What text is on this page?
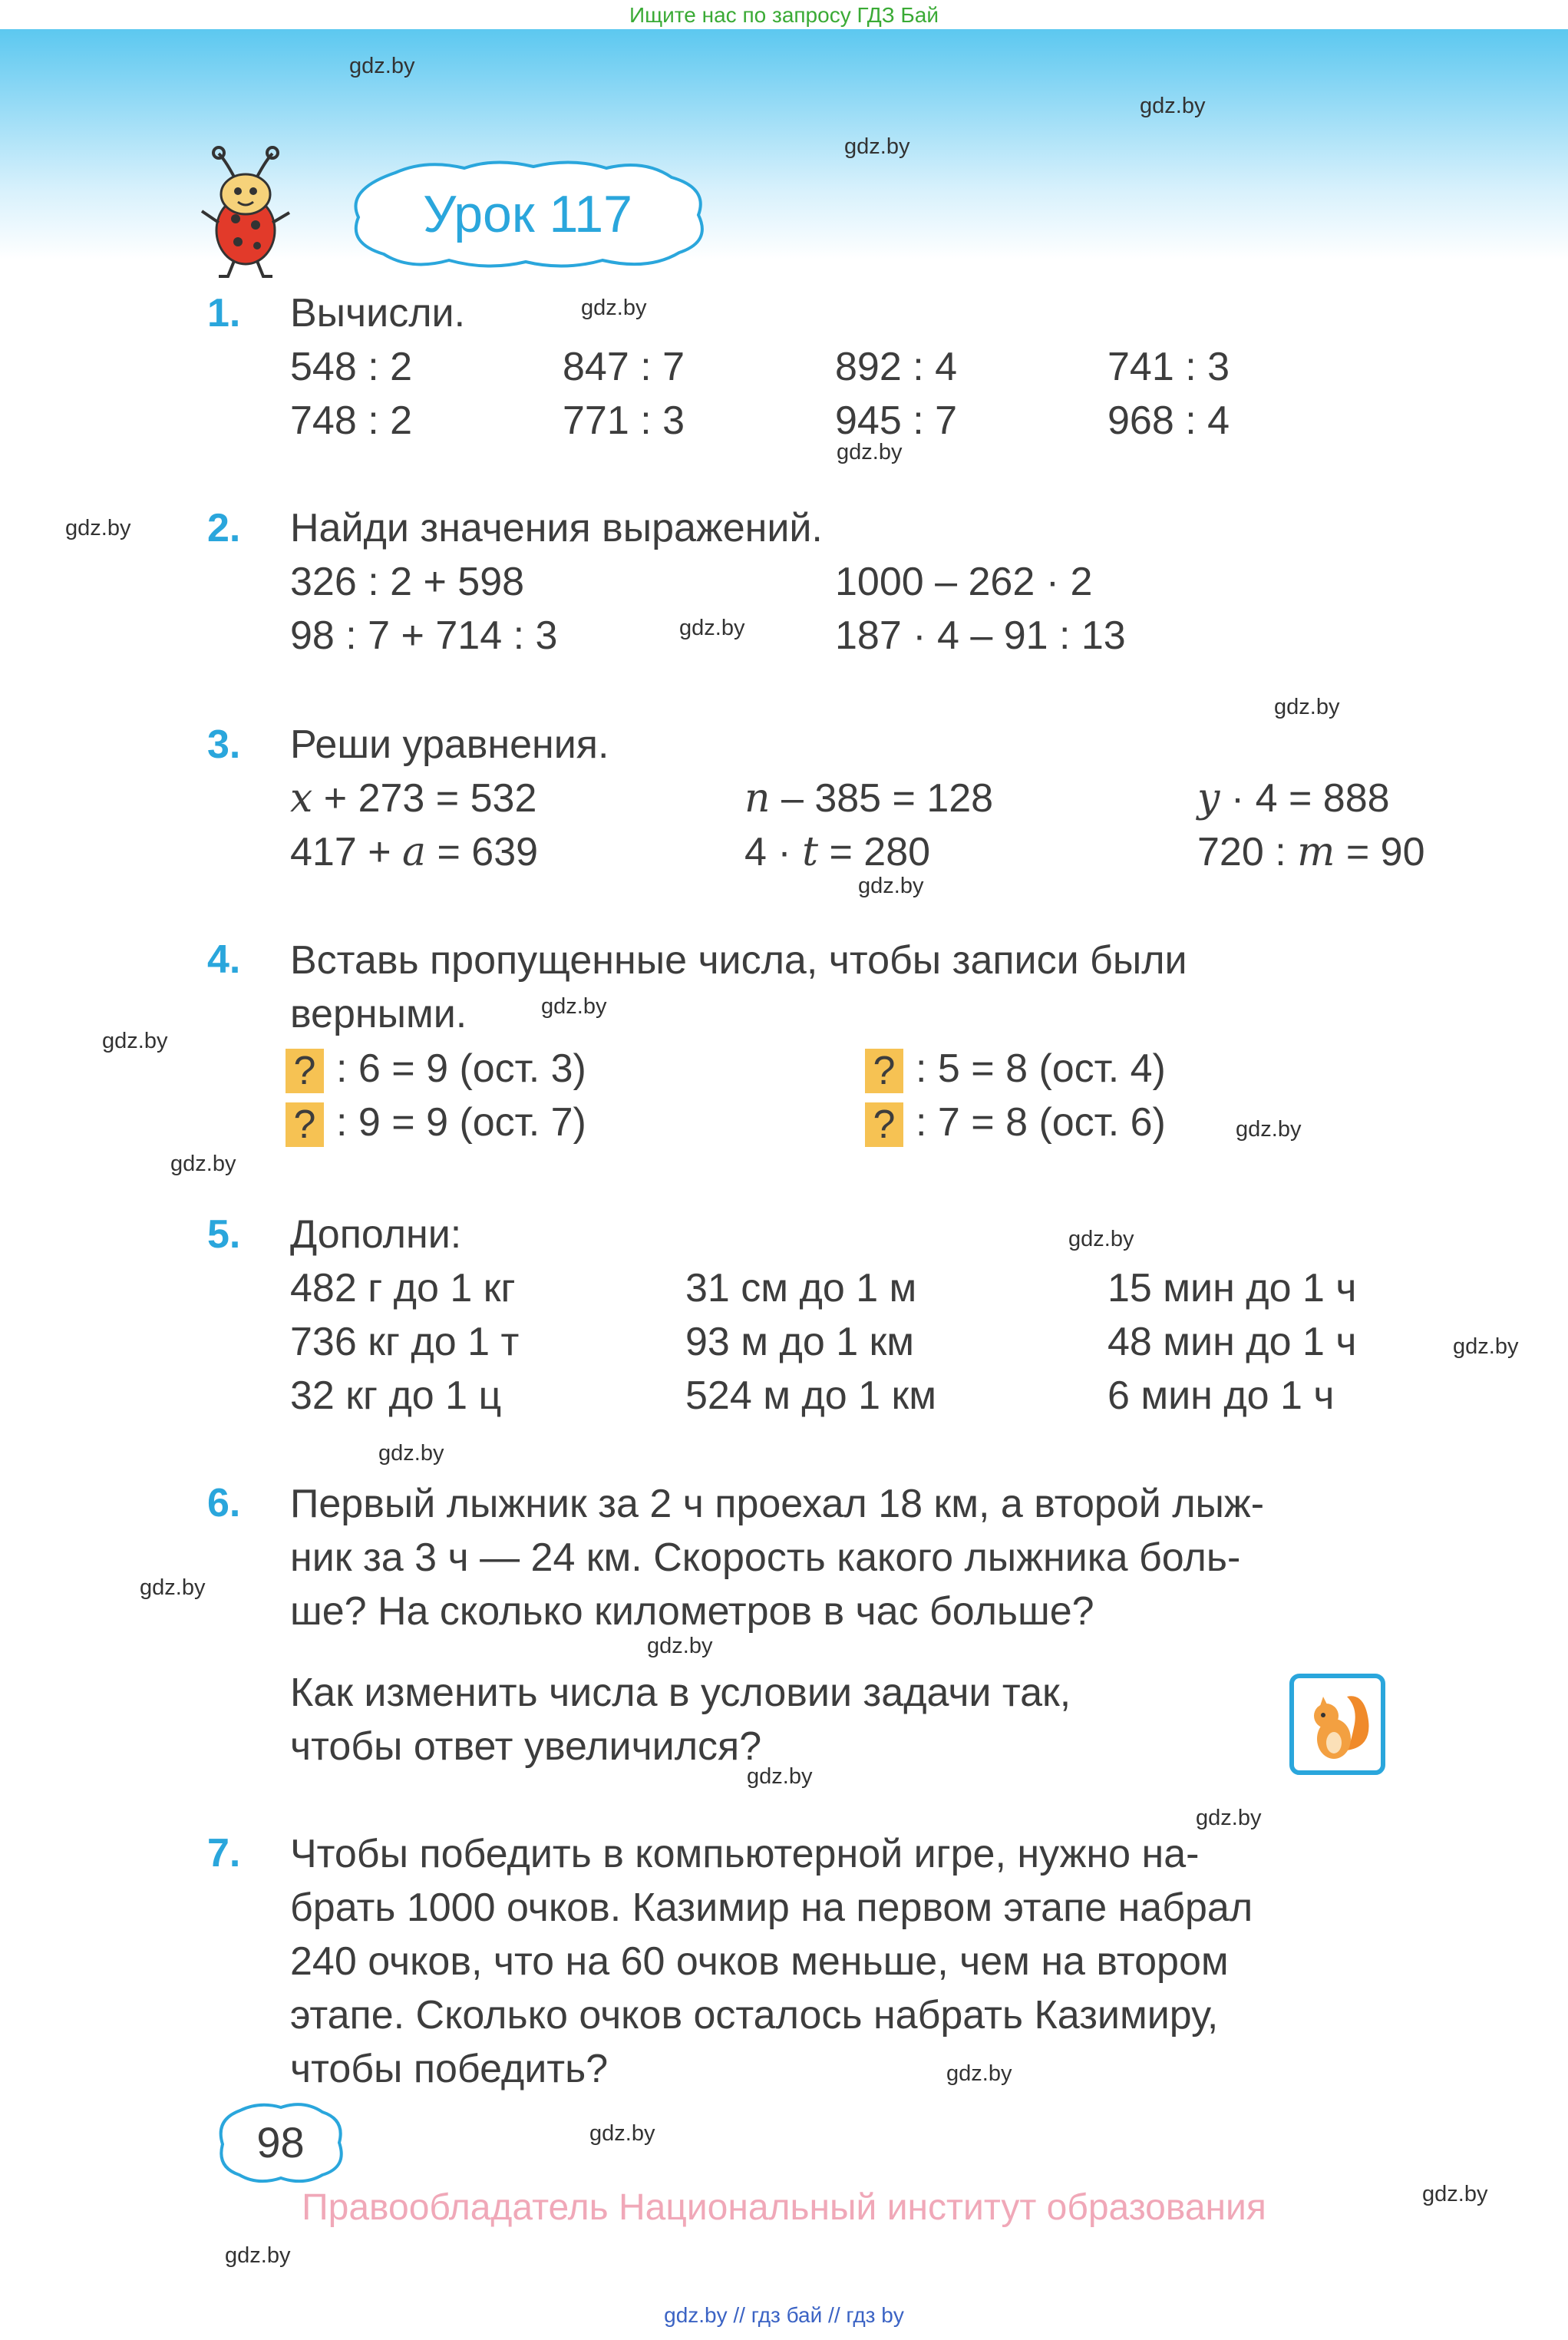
Ищите нас по запросу ГДЗ Бай
gdz.by
gdz.by
gdz.by
gdz.by
gdz.by
gdz.by
gdz.by
gdz.by
gdz.by
gdz.by
gdz.by
gdz.by
gdz.by
gdz.by
gdz.by
gdz.by
gdz.by
gdz.by
gdz.by
gdz.by
gdz.by
gdz.by
gdz.by
gdz.by
Урок 117
1. Вычисли.
548 : 2	847 : 7	892 : 4	741 : 3
748 : 2	771 : 3	945 : 7	968 : 4
2. Найди значения выражений.
326 : 2 + 598	1000 – 262 · 2
98 : 7 + 714 : 3	187 · 4 – 91 : 13
3. Реши уравнения.
x + 273 = 532	n – 385 = 128	y · 4 = 888
417 + a = 639	4 · t = 280	720 : m = 90
4. Вставь пропущенные числа, чтобы записи были
верными.
? : 6 = 9 (ост. 3)	? : 5 = 8 (ост. 4)
? : 9 = 9 (ост. 7)	? : 7 = 8 (ост. 6)
5. Дополни:
482 г до 1 кг	31 см до 1 м	15 мин до 1 ч
736 кг до 1 т	93 м до 1 км	48 мин до 1 ч
32 кг до 1 ц	524 м до 1 км	6 мин до 1 ч
6. Первый лыжник за 2 ч проехал 18 км, а второй лыж-
ник за 3 ч — 24 км. Скорость какого лыжника боль-
ше? На сколько километров в час больше?
Как изменить числа в условии задачи так,
чтобы ответ увеличился?
7. Чтобы победить в компьютерной игре, нужно на-
брать 1000 очков. Казимир на первом этапе набрал
240 очков, что на 60 очков меньше, чем на втором
этапе. Сколько очков осталось набрать Казимиру,
чтобы победить?
98
Правообладатель Национальный институт образования
gdz.by // гдз бай // гдз by
